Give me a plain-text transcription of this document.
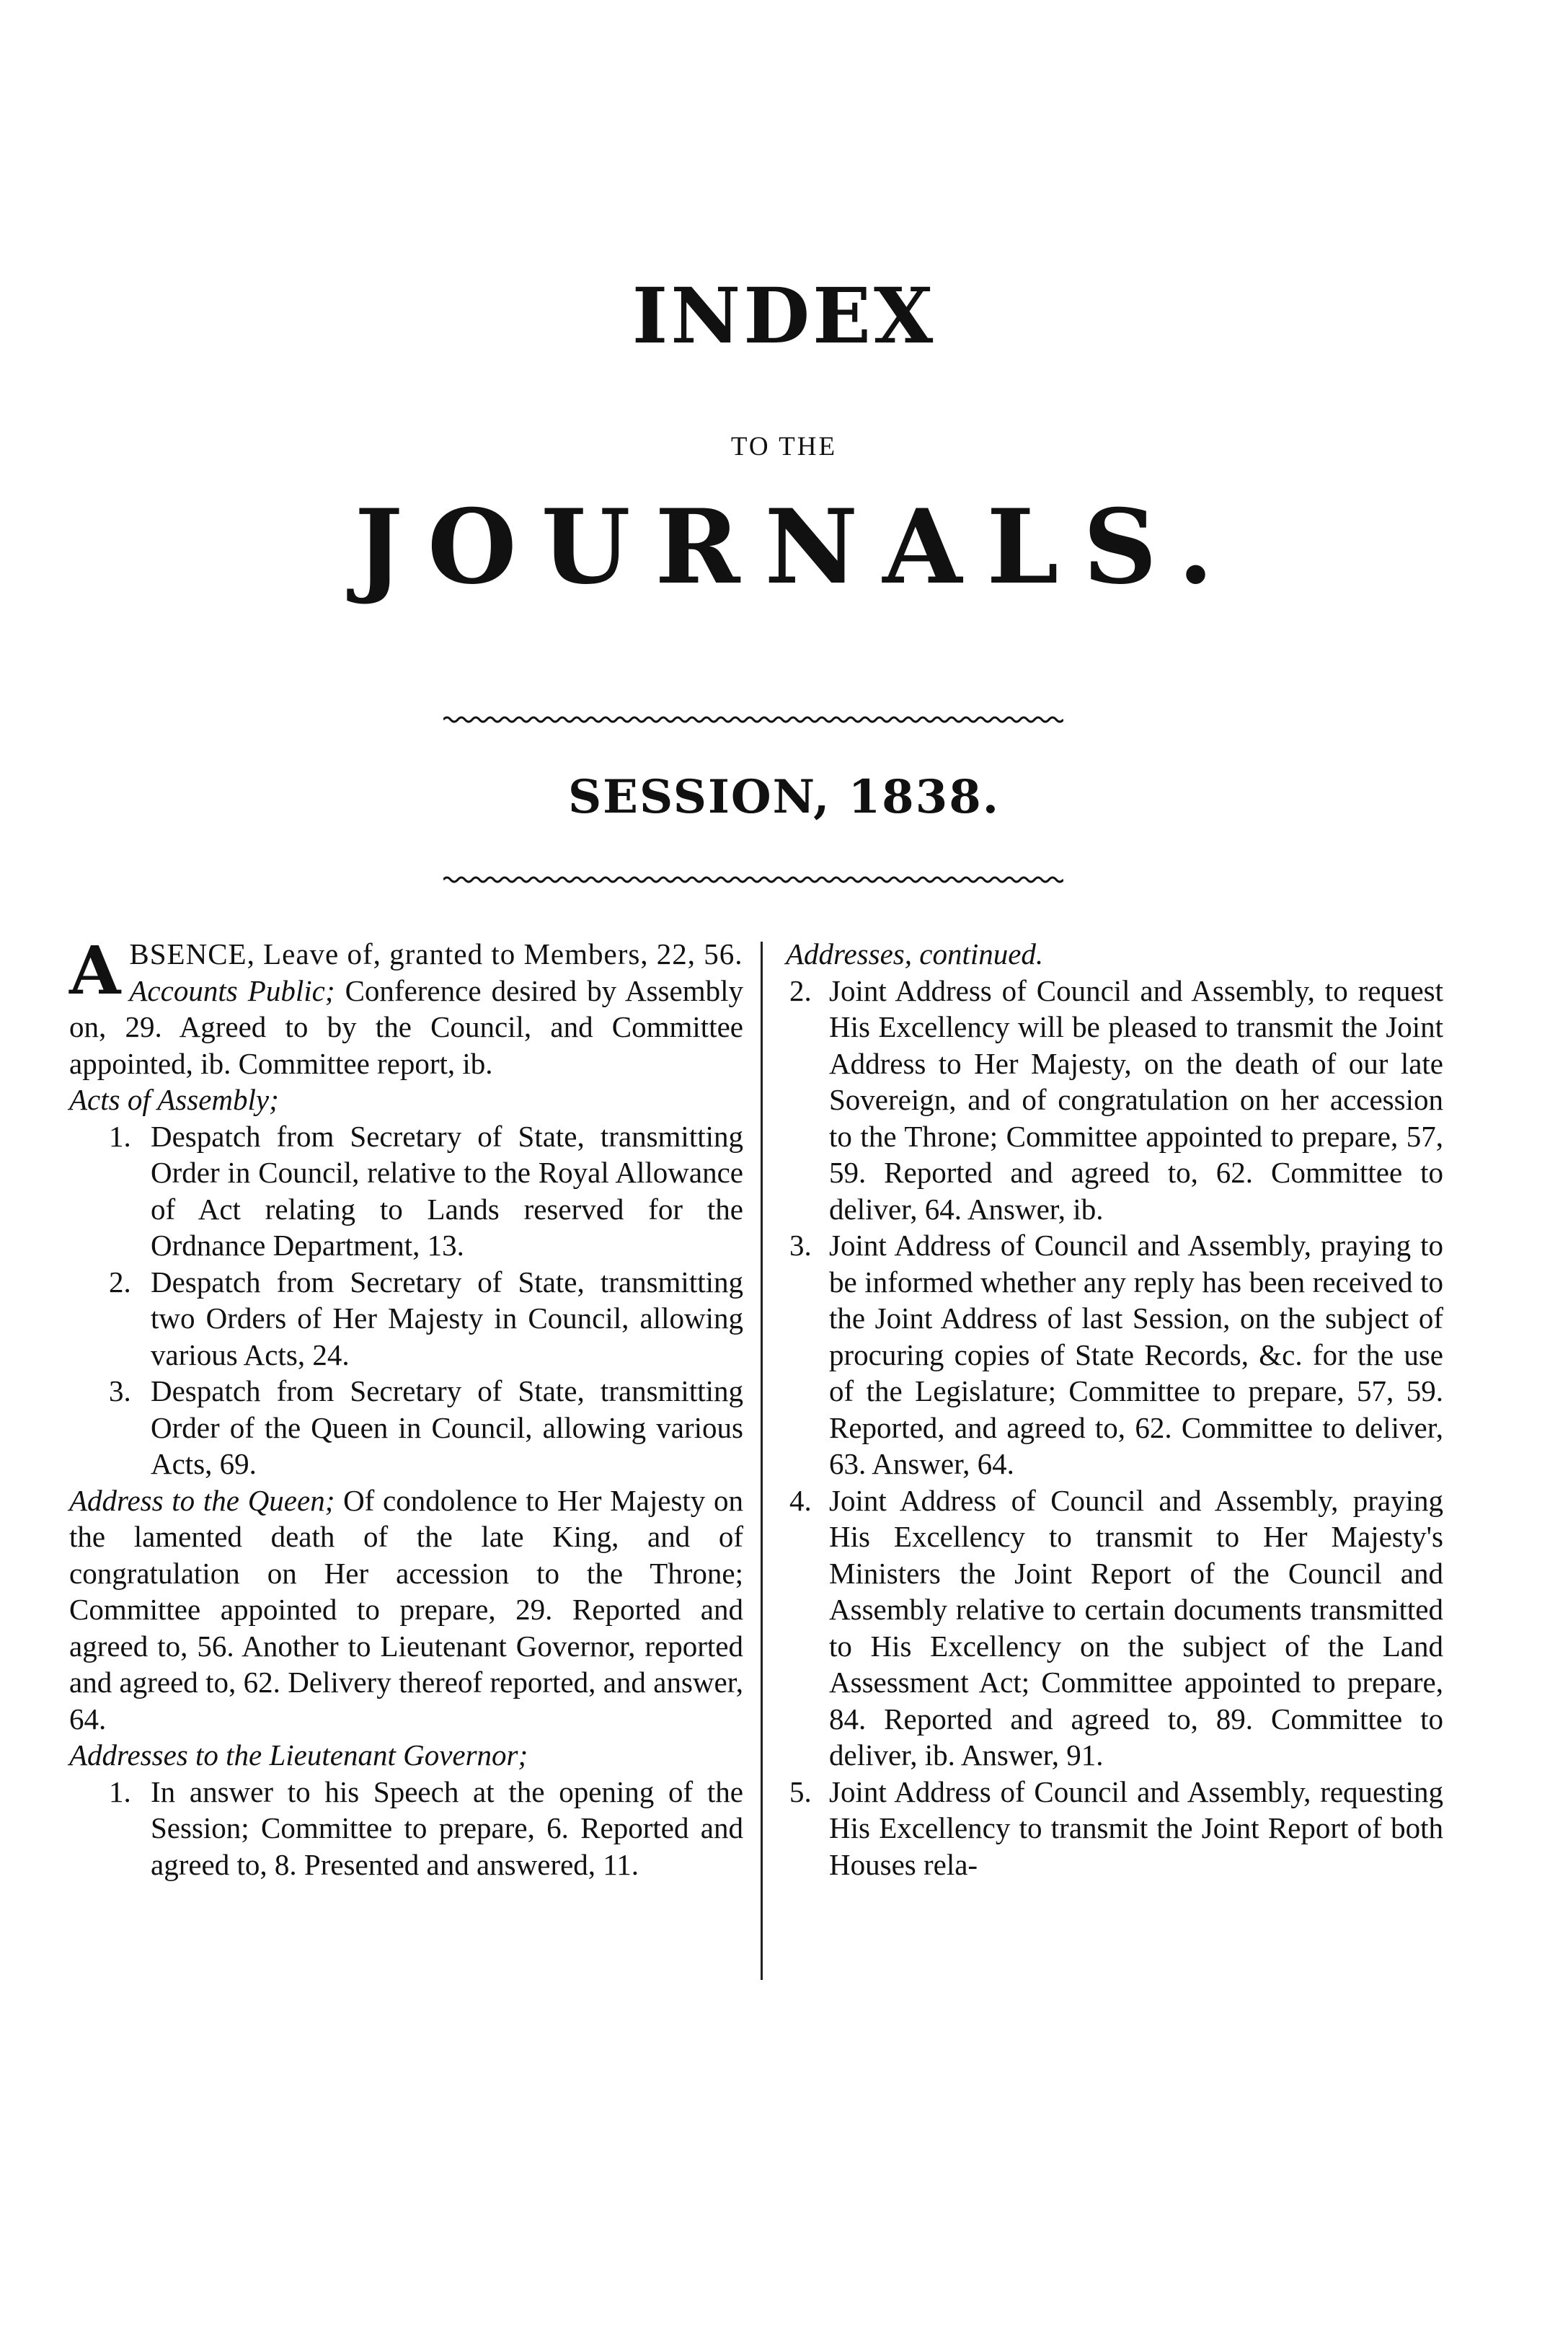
INDEX
TO THE
JOURNALS.
SESSION, 1838.

ABSENCE, Leave of, granted to Members, 22, 56.

Accounts Public; Conference desired by Assembly on, 29. Agreed to by the Council, and Committee appointed, ib. Committee report, ib.

Acts of Assembly;

1. Despatch from Secretary of State, transmitting Order in Council, relative to the Royal Allowance of Act relating to Lands reserved for the Ordnance Department, 13.

2. Despatch from Secretary of State, transmitting two Orders of Her Majesty in Council, allowing various Acts, 24.

3. Despatch from Secretary of State, transmitting Order of the Queen in Council, allowing various Acts, 69.

Address to the Queen; Of condolence to Her Majesty on the lamented death of the late King, and of congratulation on Her accession to the Throne; Committee appointed to prepare, 29. Reported and agreed to, 56. Another to Lieutenant Governor, reported and agreed to, 62. Delivery thereof reported, and answer, 64.

Addresses to the Lieutenant Governor;

1. In answer to his Speech at the opening of the Session; Committee to prepare, 6. Reported and agreed to, 8. Presented and answered, 11.

Addresses, continued.

2. Joint Address of Council and Assembly, to request His Excellency will be pleased to transmit the Joint Address to Her Majesty, on the death of our late Sovereign, and of congratulation on her accession to the Throne; Committee appointed to prepare, 57, 59. Reported and agreed to, 62. Committee to deliver, 64. Answer, ib.

3. Joint Address of Council and Assembly, praying to be informed whether any reply has been received to the Joint Address of last Session, on the subject of procuring copies of State Records, &c. for the use of the Legislature; Committee to prepare, 57, 59. Reported, and agreed to, 62. Committee to deliver, 63. Answer, 64.

4. Joint Address of Council and Assembly, praying His Excellency to transmit to Her Majesty's Ministers the Joint Report of the Council and Assembly relative to certain documents transmitted to His Excellency on the subject of the Land Assessment Act; Committee appointed to prepare, 84. Reported and agreed to, 89. Committee to deliver, ib. Answer, 91.

5. Joint Address of Council and Assembly, requesting His Excellency to transmit the Joint Report of both Houses rela-
